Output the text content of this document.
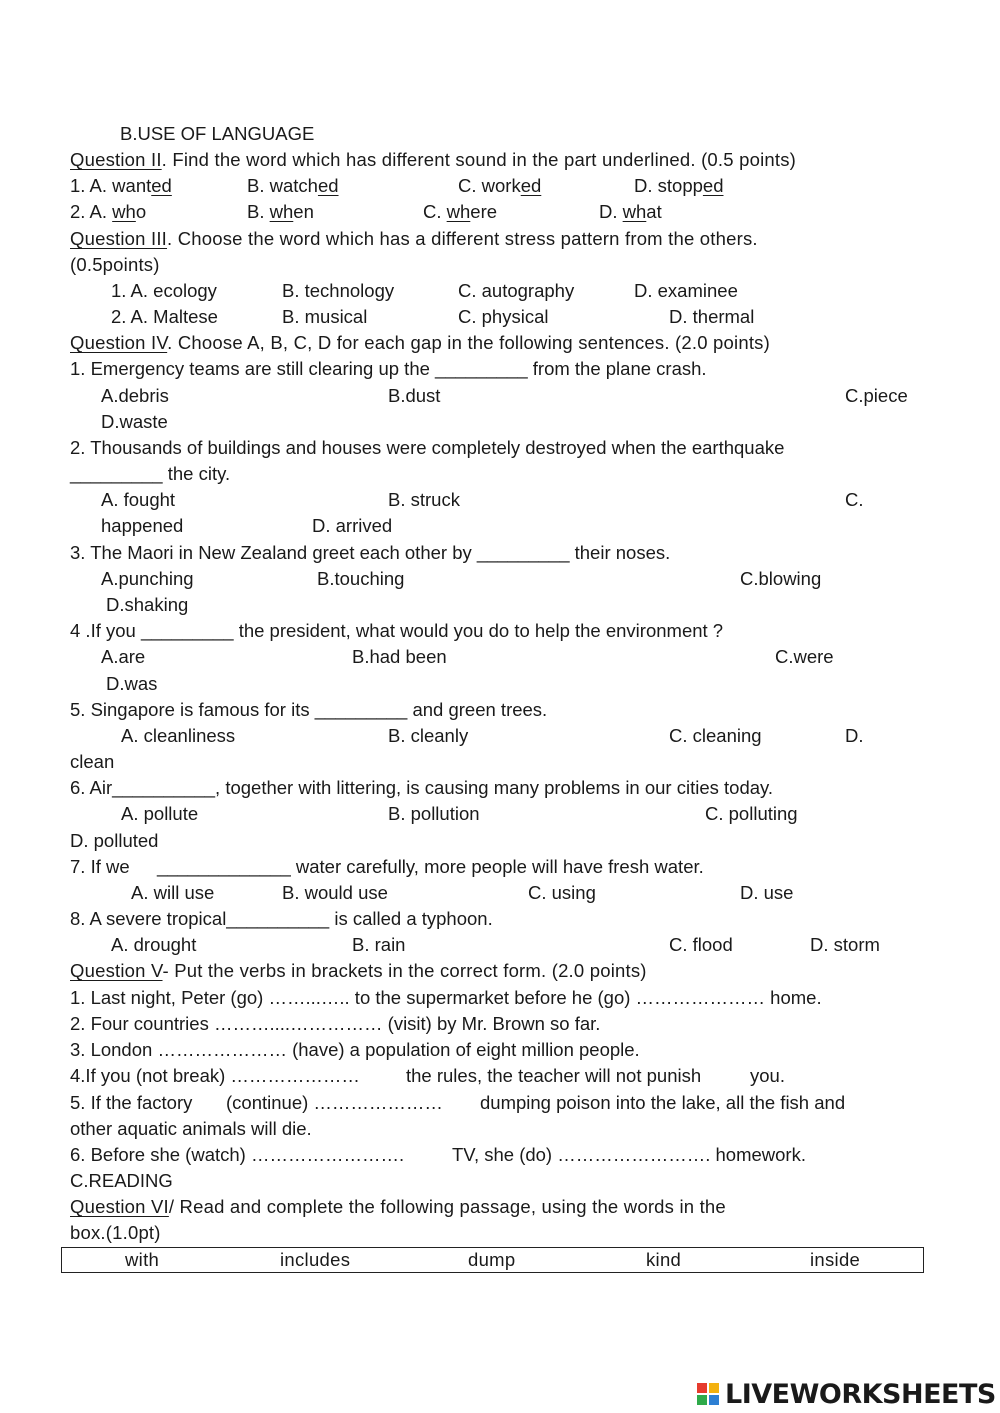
B.USE OF LANGUAGE
Question II. Find the word which has different sound in the part underlined. (0.5 points)
1. A. wanted	B. watched	C. worked	D. stopped
2. A. who	B. when	C. where	D. what
Question III. Choose the word which has a different stress pattern from the others.
(0.5points)
1. A. ecology	B. technology	C. autography	D. examinee
2. A. Maltese	B. musical	C. physical	D. thermal
Question IV. Choose A, B, C, D for each gap in the following sentences. (2.0 points)
1. Emergency teams are still clearing up the _________ from the plane crash.
A.debris	B.dust	C.piece
D.waste
2. Thousands of buildings and houses were completely destroyed when the earthquake
_________ the city.
A. fought	B. struck	C.
happened	D. arrived
3. The Maori in New Zealand greet each other by _________ their noses.
A.punching	B.touching	C.blowing
D.shaking
4 .If you _________ the president, what would you do to help the environment ?
A.are	B.had been	C.were
D.was
5. Singapore is famous for its _________ and green trees.
A. cleanliness	B. cleanly	C. cleaning	D.
clean
6. Air__________, together with littering, is causing many problems in our cities today.
A. pollute	B. pollution	C. polluting
D. polluted
7. If we _____________ water carefully, more people will have fresh water.
A. will use	B. would use	C. using	D. use
8. A severe tropical__________ is called a typhoon.
A. drought	B. rain	C. flood	D. storm
Question V- Put the verbs in brackets in the correct form. (2.0 points)
1. Last night, Peter (go) ……...….. to the supermarket before he (go) ………………… home.
2. Four countries ………....…………… (visit) by Mr. Brown so far.
3. London ………………… (have) a population of eight million people.
4.If you (not break) ………………… the rules, the teacher will not punish	you.
5. If the factory (continue) ………………… dumping poison into the lake, all the fish and
other aquatic animals will die.
6. Before she (watch) …………………….	TV, she (do) ……………………. homework.
C.READING
Question VI/ Read and complete the following passage, using the words in the
box.(1.0pt)
with	includes	dump	kind	inside
LIVEWORKSHEETS
